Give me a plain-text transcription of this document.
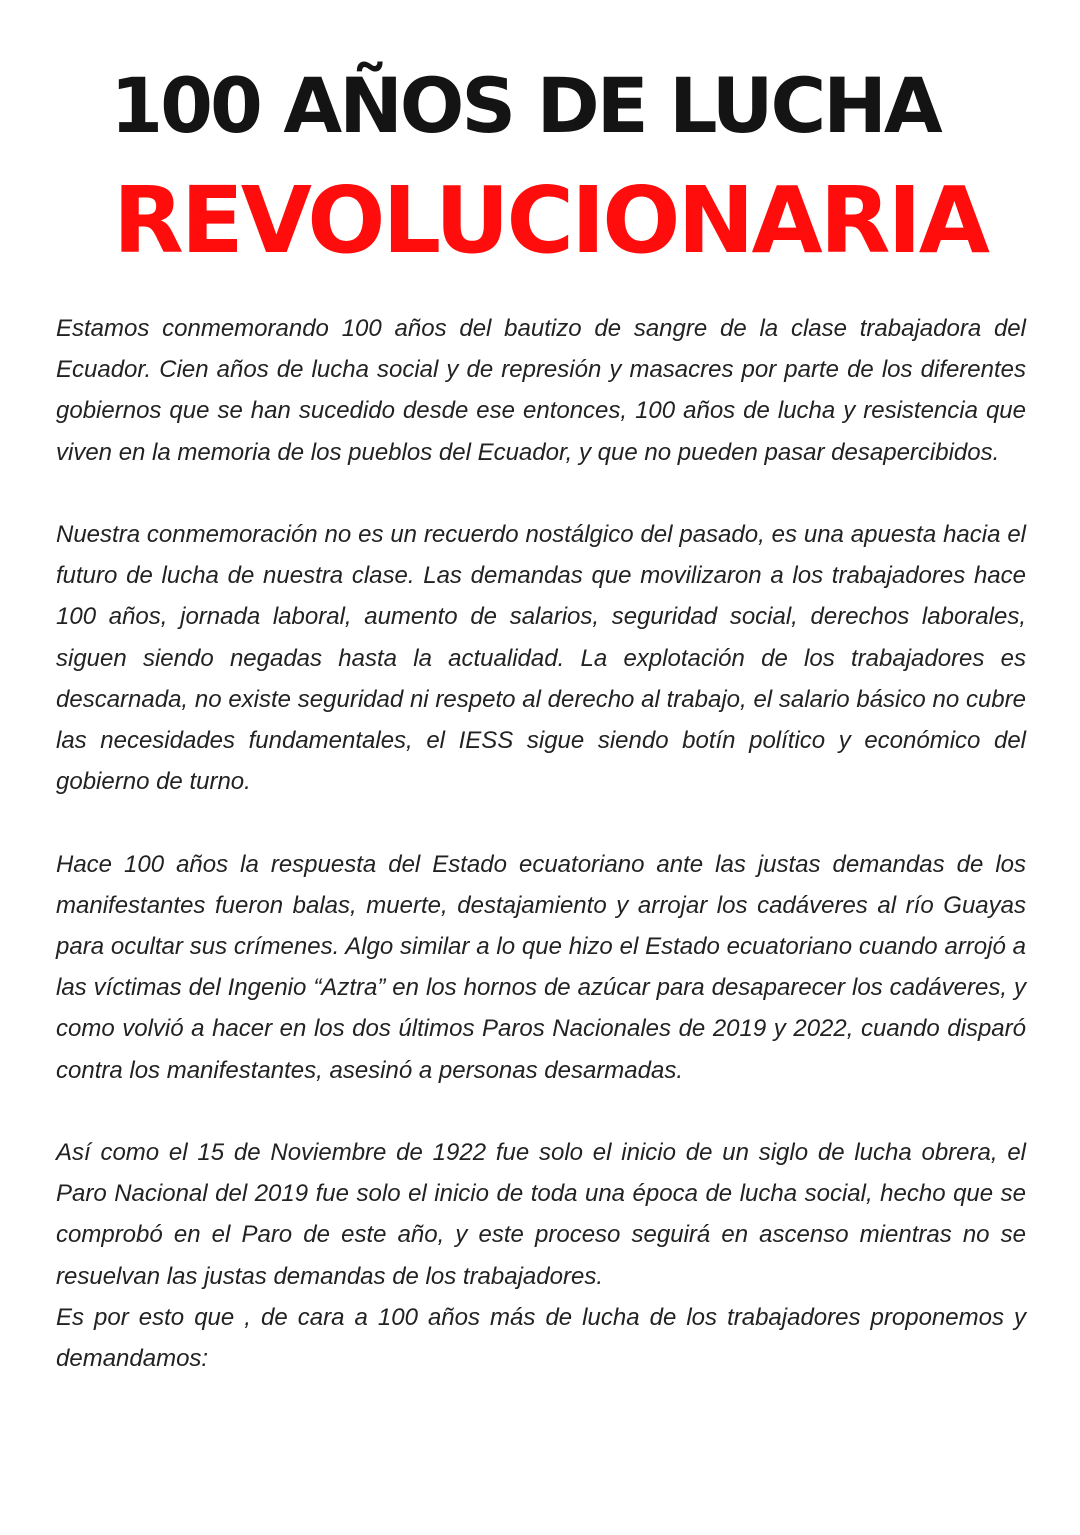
100 AÑOS DE LUCHA
REVOLUCIONARIA

Estamos conmemorando 100 años del bautizo de sangre de la clase trabajadora del Ecuador. Cien años de lucha social y de represión y masacres por parte de los diferentes gobiernos que se han sucedido desde ese entonces, 100 años de lucha y resistencia que viven en la memoria de los pueblos del Ecuador, y que no pueden pasar desapercibidos.

Nuestra conmemoración no es un recuerdo nostálgico del pasado, es una apuesta hacia el futuro de lucha de nuestra clase. Las demandas que movilizaron a los trabajadores hace 100 años, jornada laboral, aumento de salarios, seguridad social, derechos laborales, siguen siendo negadas hasta la actualidad. La explotación de los trabajadores es descarnada, no existe seguridad ni respeto al derecho al trabajo, el salario básico no cubre las necesidades fundamentales, el IESS sigue siendo botín político y económico del gobierno de turno.

Hace 100 años la respuesta del Estado ecuatoriano ante las justas demandas de los manifestantes fueron balas, muerte, destajamiento y arrojar los cadáveres al río Guayas para ocultar sus crímenes. Algo similar a lo que hizo el Estado ecuatoriano cuando arrojó a las víctimas del Ingenio “Aztra” en los hornos de azúcar para desaparecer los cadáveres, y como volvió a hacer en los dos últimos Paros Nacionales de 2019 y 2022, cuando disparó contra los manifestantes, asesinó a personas desarmadas.

Así como el 15 de Noviembre de 1922 fue solo el inicio de un siglo de lucha obrera, el Paro Nacional del 2019 fue solo el inicio de toda una época de lucha social, hecho que se comprobó en el Paro de este año, y este proceso seguirá en ascenso mientras no se resuelvan las justas demandas de los trabajadores.

Es por esto que , de cara a 100 años más de lucha de los trabajadores proponemos y demandamos:
